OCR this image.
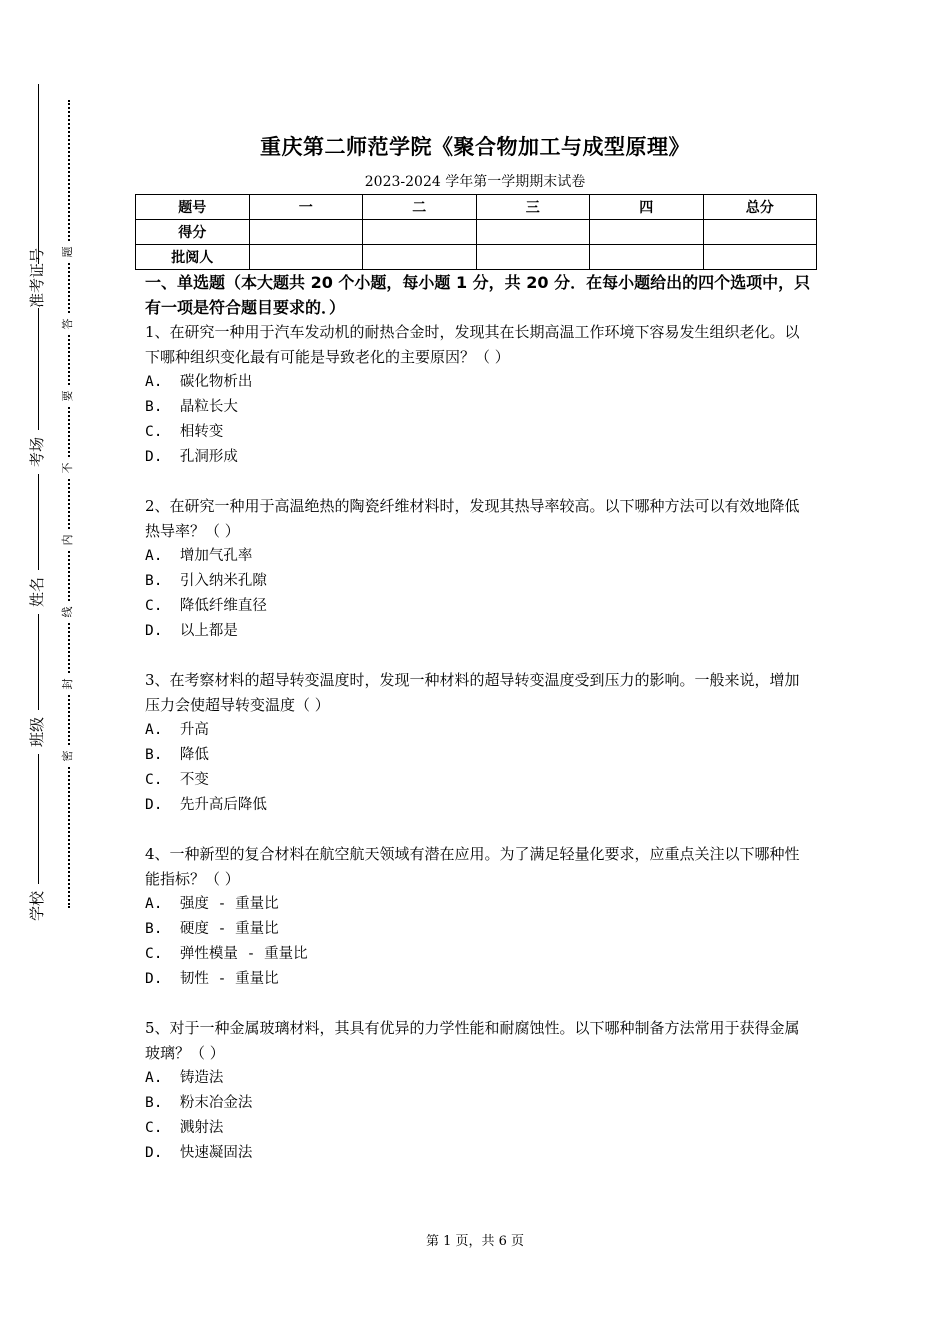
准考证号
考场
姓名
班级
学校
题
答
要
不
内
线
封
密
重庆第二师范学院《聚合物加工与成型原理》
2023-2024 学年第一学期期末试卷
题号	一	二	三	四	总分
得分					
批阅人					
一、单选题（本大题共 20 个小题，每小题 1 分，共 20 分．在每小题给出的四个选项中，只有一项是符合题目要求的．）
1、在研究一种用于汽车发动机的耐热合金时，发现其在长期高温工作环境下容易发生组织老化。以下哪种组织变化最有可能是导致老化的主要原因？（ ）
A.  碳化物析出
B.  晶粒长大
C.  相转变
D.  孔洞形成
2、在研究一种用于高温绝热的陶瓷纤维材料时，发现其热导率较高。以下哪种方法可以有效地降低热导率？（ ）
A.  增加气孔率
B.  引入纳米孔隙
C.  降低纤维直径
D.  以上都是
3、在考察材料的超导转变温度时，发现一种材料的超导转变温度受到压力的影响。一般来说，增加压力会使超导转变温度（ ）
A.  升高
B.  降低
C.  不变
D.  先升高后降低
4、一种新型的复合材料在航空航天领域有潜在应用。为了满足轻量化要求，应重点关注以下哪种性能指标？（ ）
A.  强度 - 重量比
B.  硬度 - 重量比
C.  弹性模量 - 重量比
D.  韧性 - 重量比
5、对于一种金属玻璃材料，其具有优异的力学性能和耐腐蚀性。以下哪种制备方法常用于获得金属玻璃？（ ）
A.  铸造法
B.  粉末冶金法
C.  溅射法
D.  快速凝固法
第 1 页，共 6 页
